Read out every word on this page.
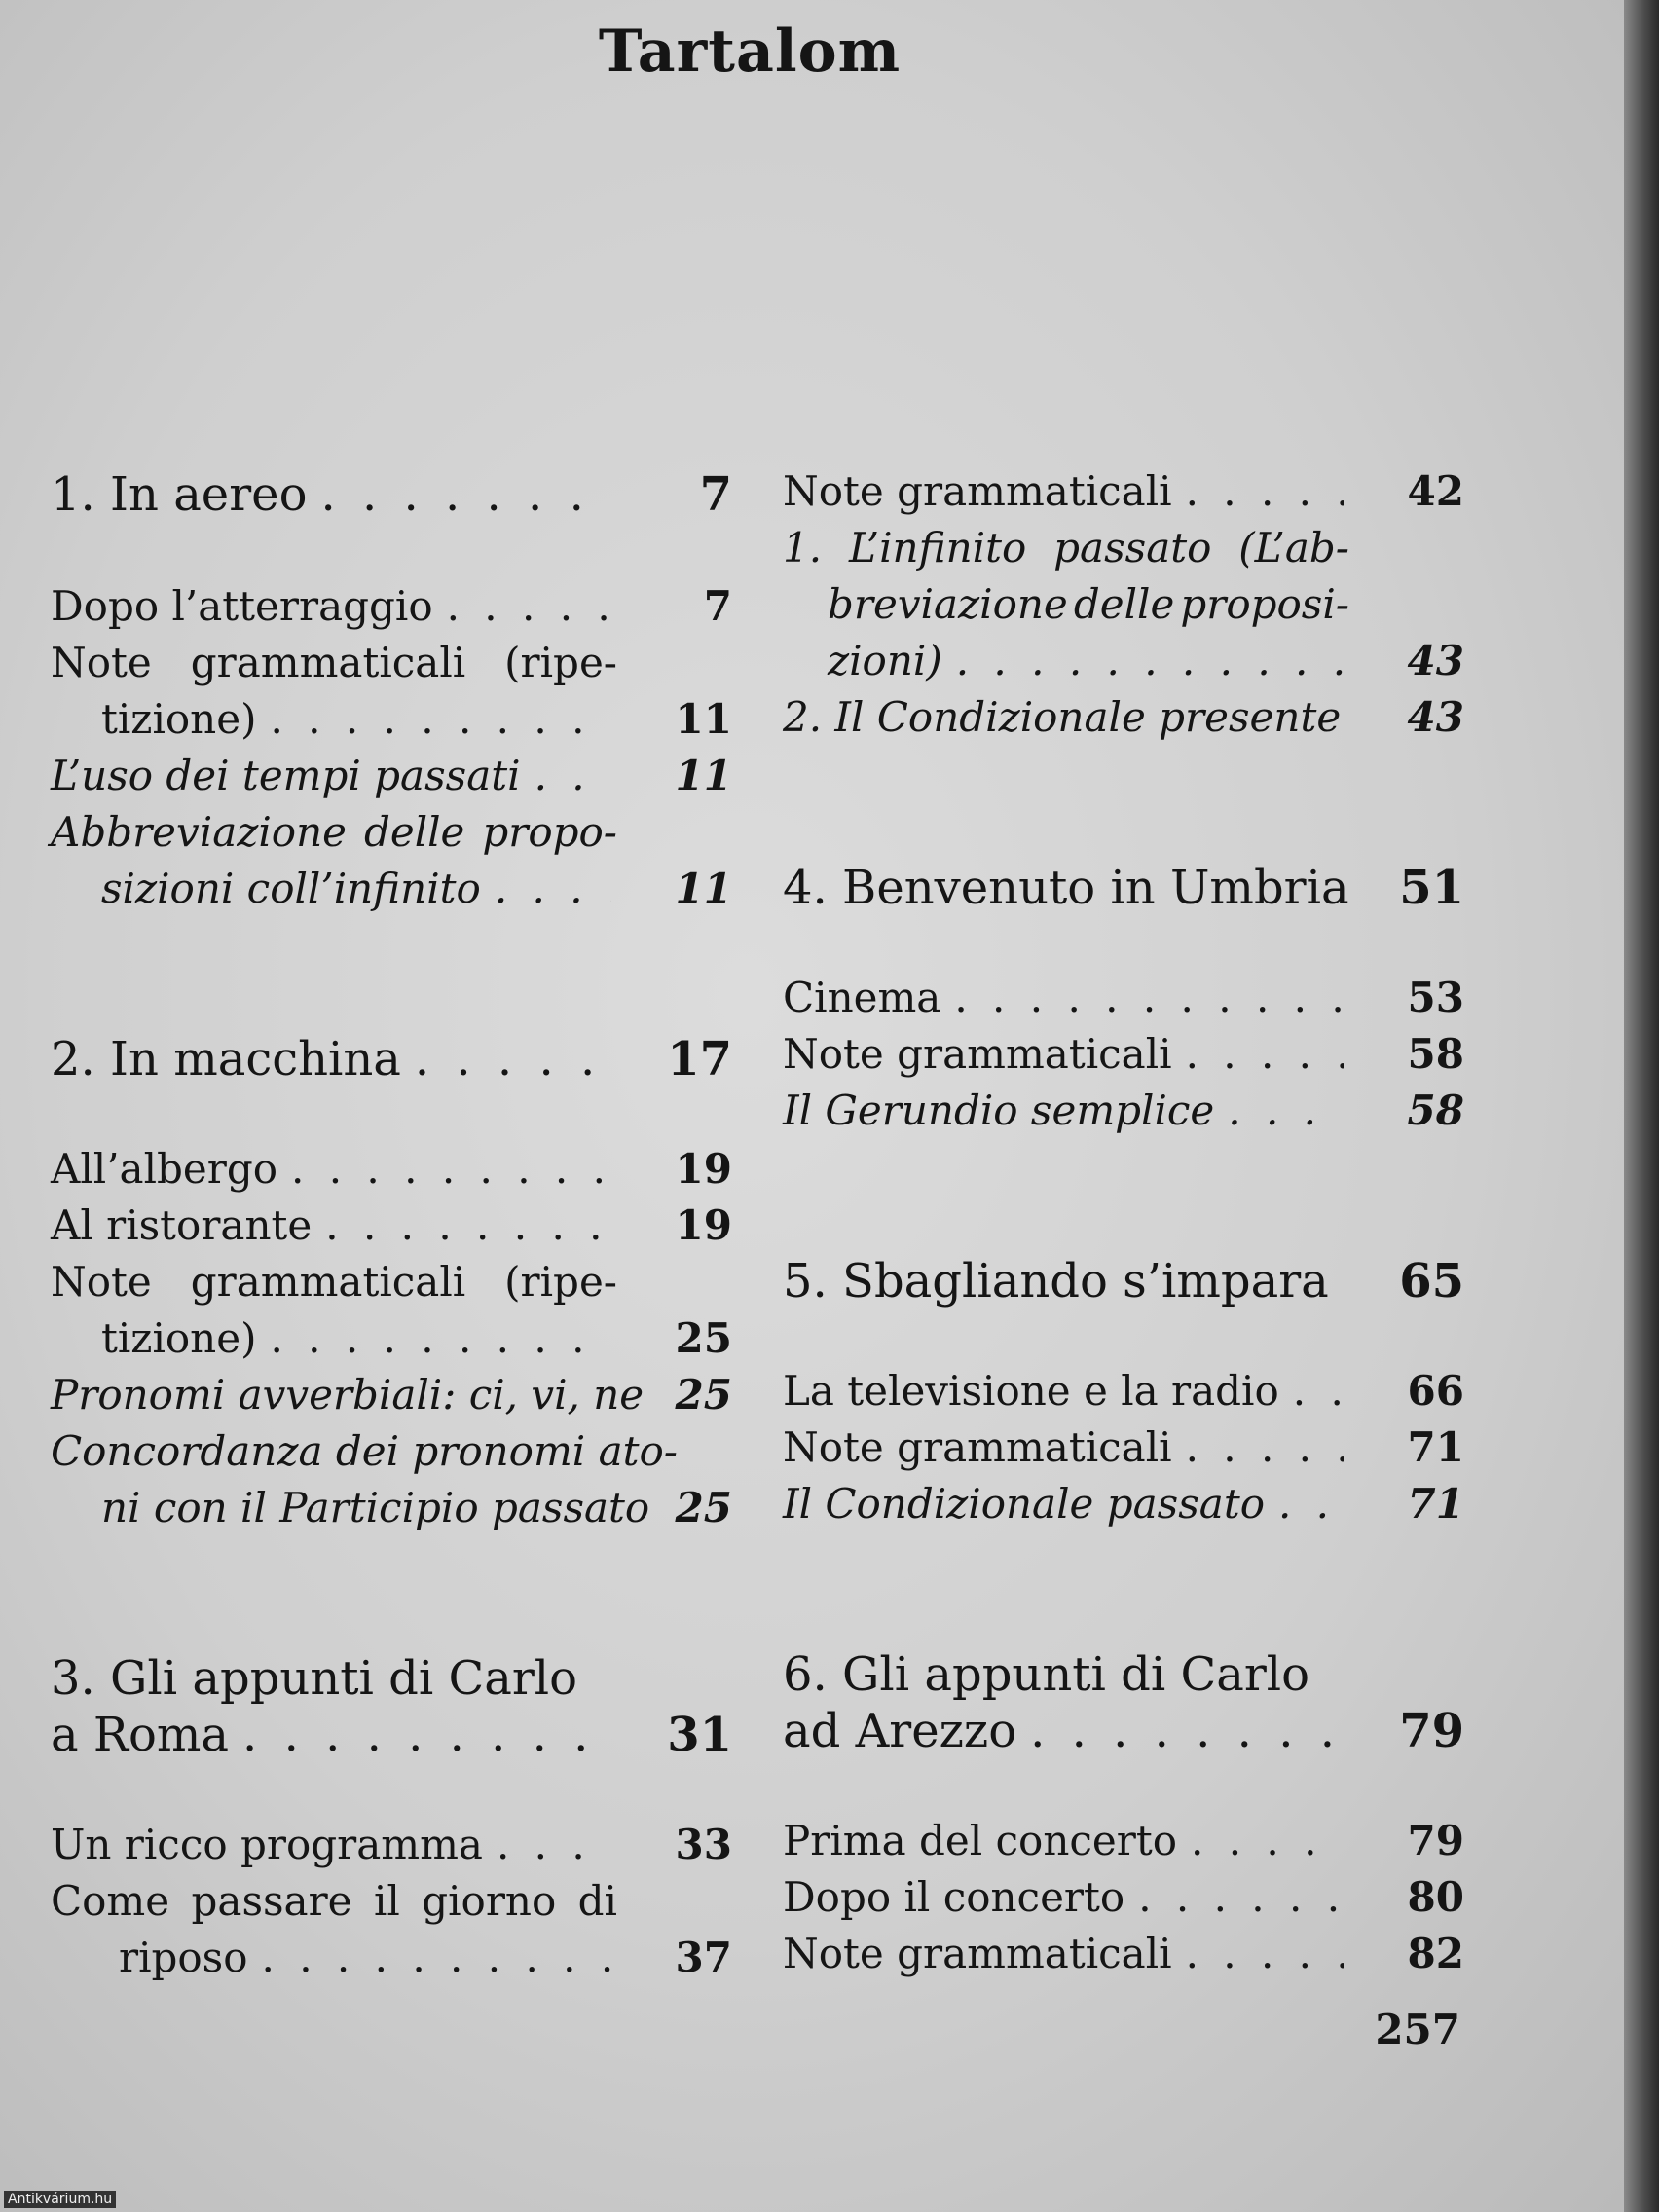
Tartalom
1. In aereo . . .	7
Dopo l’atterraggio . . .	7
Note grammaticali (ripe-
tizione) . . .	11
L’uso dei tempi passati . . .	11
Abbreviazione delle propo-
sizioni coll’infinito . . .	11
2. In macchina . . .	17
All’albergo . . .	19
Al ristorante . . .	19
Note grammaticali (ripe-
tizione) . . .	25
Pronomi avverbiali: ci, vi, ne 25
Concordanza dei pronomi ato-
ni con il Participio passato 25
3. Gli appunti di Carlo
a Roma . . .	31
Un ricco programma . . .	33
Come passare il giorno di
riposo . . .	37
Note grammaticali . . .	42
1. L’infinito passato (L’ab-
breviazione delle proposi-
zioni) . . .	43
2. Il Condizionale presente	43
4. Benvenuto in Umbria	51
Cinema . . .	53
Note grammaticali . . .	58
Il Gerundio semplice . . .	58
5. Sbagliando s’impara	65
La televisione e la radio . . .	66
Note grammaticali . . .	71
Il Condizionale passato . . .	71
6. Gli appunti di Carlo
ad Arezzo . . .	79
Prima del concerto . . .	79
Dopo il concerto . . .	80
Note grammaticali . . .	82
257
Antikvárium.hu
